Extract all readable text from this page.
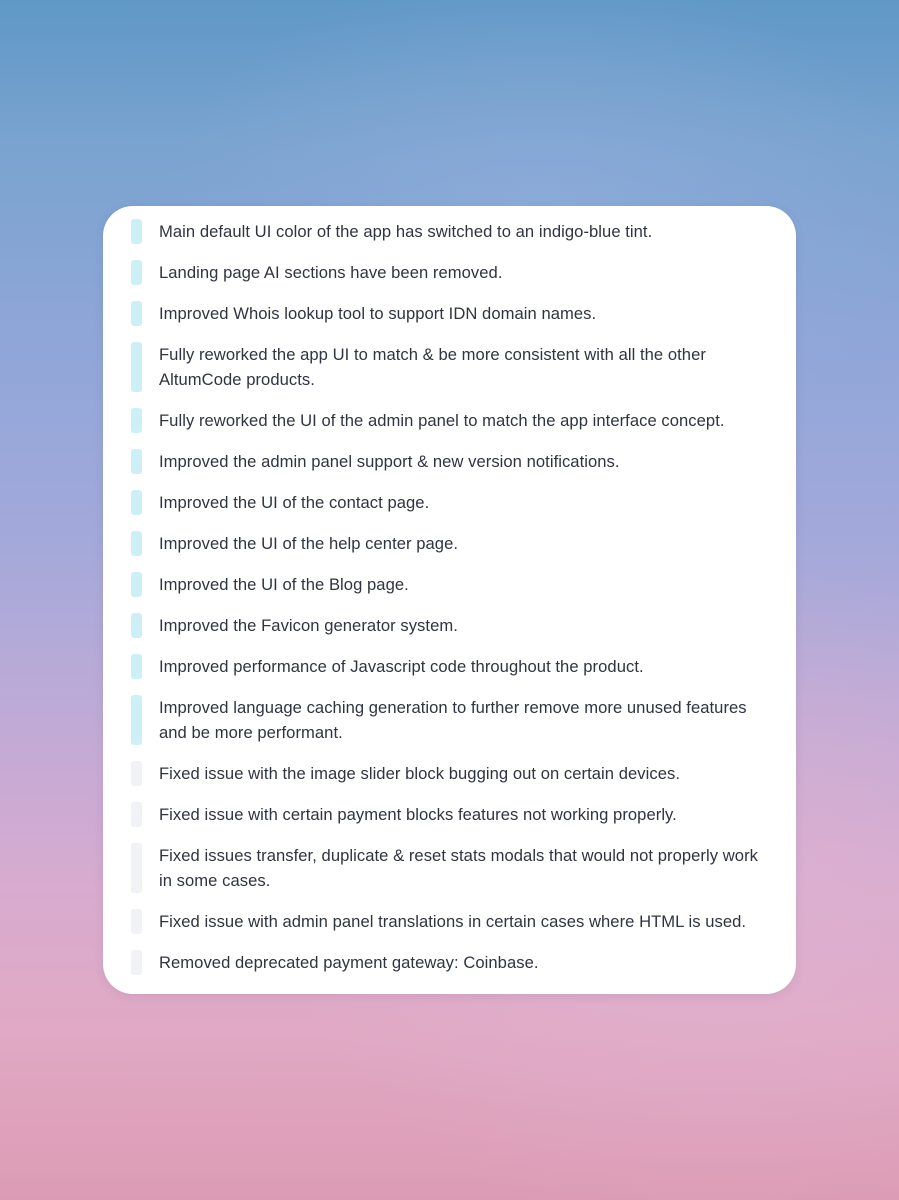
Main default UI color of the app has switched to an indigo-blue tint.
Landing page AI sections have been removed.
Improved Whois lookup tool to support IDN domain names.
Fully reworked the app UI to match & be more consistent with all the other AltumCode products.
Fully reworked the UI of the admin panel to match the app interface concept.
Improved the admin panel support & new version notifications.
Improved the UI of the contact page.
Improved the UI of the help center page.
Improved the UI of the Blog page.
Improved the Favicon generator system.
Improved performance of Javascript code throughout the product.
Improved language caching generation to further remove more unused features and be more performant.
Fixed issue with the image slider block bugging out on certain devices.
Fixed issue with certain payment blocks features not working properly.
Fixed issues transfer, duplicate & reset stats modals that would not properly work in some cases.
Fixed issue with admin panel translations in certain cases where HTML is used.
Removed deprecated payment gateway: Coinbase.
